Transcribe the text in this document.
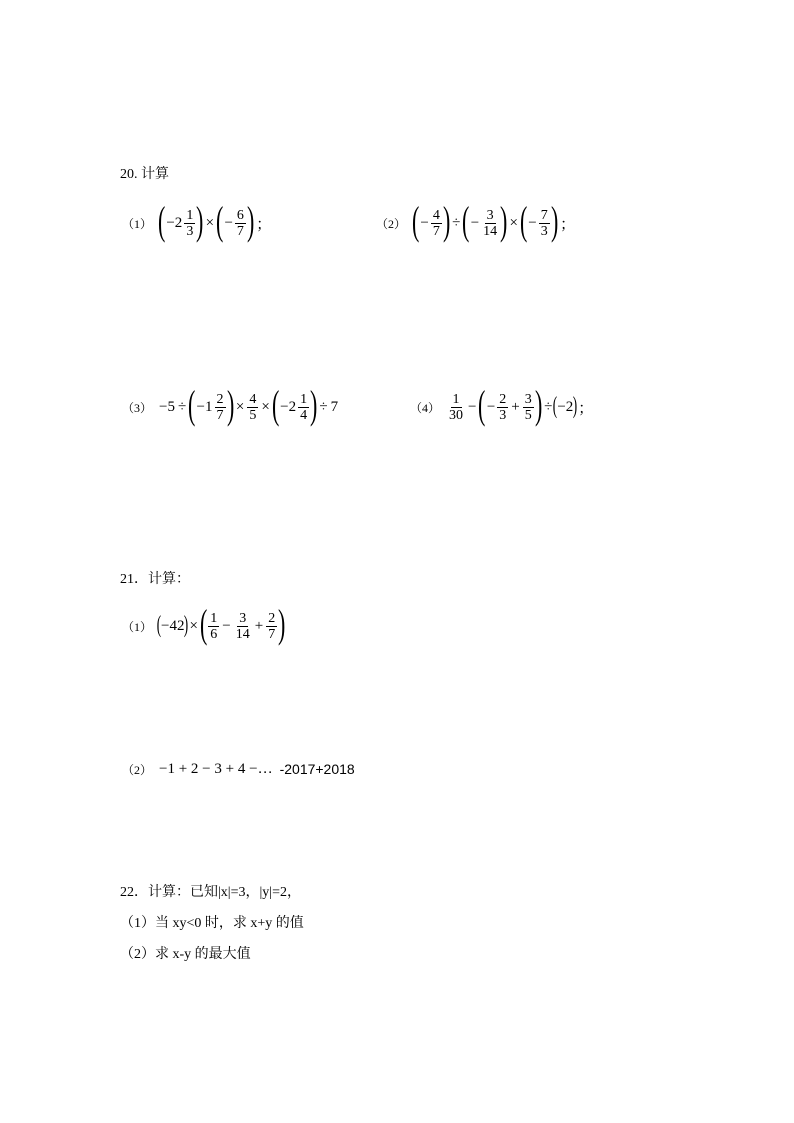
20. 计算
（1） ( $-2 \frac{1}{3}$ ) × ( − $\frac{6}{7}$ ) ；	（2） ( − $\frac{4}{7}$ ) ÷ ( − $\frac{3}{14}$ ) × ( − $\frac{7}{3}$ ) ；
（3） −5 ÷ ( $-1 \frac{2}{7}$ ) × $\frac{4}{5}$ × ( $-2 \frac{1}{4}$ ) ÷ 7	$(4) \frac{1}{30}$ − ( − $\frac{2}{3} + \frac{3}{5}$ ) ÷ ( −2 ) ；
21．计算：
（1） ( −42 ) × ( $\frac{1}{6} - \frac{3}{14} + \frac{2}{7}$ )
（2） −1 + 2 − 3 + 4 −… -2017+2018
22．计算：已知|x|=3，|y|=2，
（1）当 xy<0 时，求 x+y 的值
（2）求 x-y 的最大值
